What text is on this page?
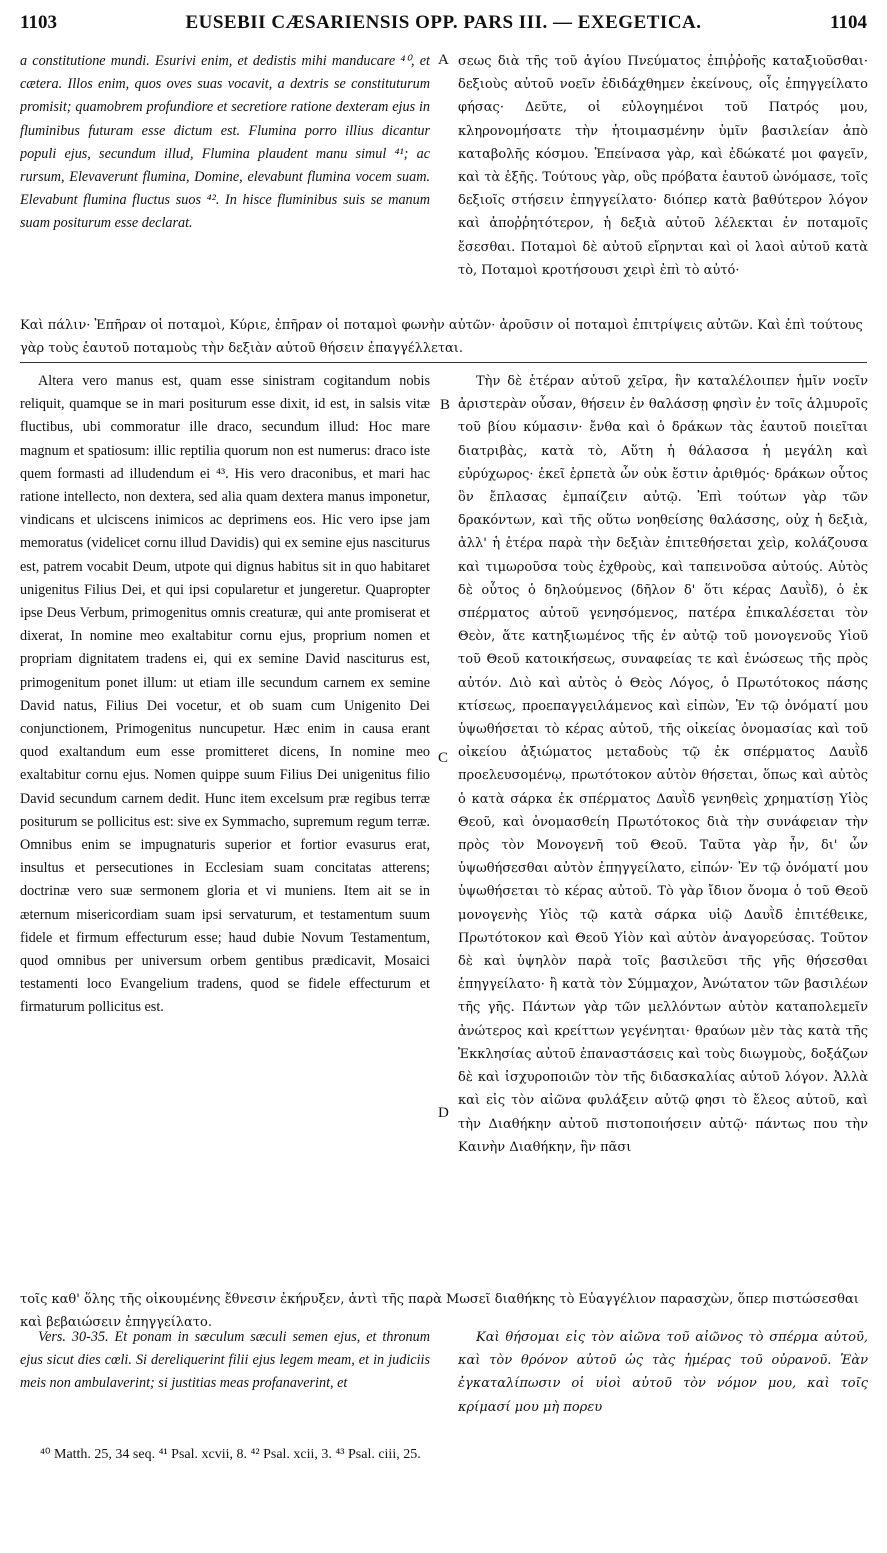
1103	EUSEBII CÆSARIENSIS OPP. PARS III. — EXEGETICA.	1104
A
B
C
D

a constitutione mundi. Esurivi enim, et dedistis mihi manducare ⁴⁰, et cætera. Illos enim, quos oves suas vocavit, a dextris se constituturum promisit; quamobrem profundiore et secretiore ratione dexteram ejus in fluminibus futuram esse dictum est. Flumina porro illius dicantur populi ejus, secundum illud, Flumina plaudent manu simul ⁴¹; ac rursum, Elevaverunt flumina, Domine, elevabunt flumina vocem suam. Elevabunt flumina fluctus suos ⁴². In hisce fluminibus suis se manum suam positurum esse declarat.

σεως διὰ τῆς τοῦ ἁγίου Πνεύματος ἐπιῤῥοῆς καταξιοῦσθαι· δεξιοὺς αὐτοῦ νοεῖν ἐδιδάχθημεν ἐκείνους, οἷς ἐπηγγείλατο φήσας· Δεῦτε, οἱ εὐλογημένοι τοῦ Πατρός μου, κληρονομήσατε τὴν ἡτοιμασμένην ὑμῖν βασιλείαν ἀπὸ καταβολῆς κόσμου. Ἐπείνασα γὰρ, καὶ ἐδώκατέ μοι φαγεῖν, καὶ τὰ ἑξῆς. Τούτους γὰρ, οὓς πρόβατα ἑαυτοῦ ὠνόμασε, τοῖς δεξιοῖς στήσειν ἐπηγγείλατο· διόπερ κατὰ βαθύτερον λόγον καὶ ἀποῤῥητότερον, ἡ δεξιὰ αὐτοῦ λέλεκται ἐν ποταμοῖς ἔσεσθαι. Ποταμοὶ δὲ αὐτοῦ εἴρηνται καὶ οἱ λαοὶ αὐτοῦ κατὰ τὸ, Ποταμοὶ κροτήσουσι χειρὶ ἐπὶ τὸ αὐτό·

Καὶ πάλιν· Ἐπῆραν οἱ ποταμοὶ, Κύριε, ἐπῆραν οἱ ποταμοὶ φωνὴν αὐτῶν· ἀροῦσιν οἱ ποταμοὶ ἐπιτρίψεις αὐτῶν. Καὶ ἐπὶ τούτους γὰρ τοὺς ἑαυτοῦ ποταμοὺς τὴν δεξιὰν αὐτοῦ θήσειν ἐπαγγέλλεται.

Altera vero manus est, quam esse sinistram cogitandum nobis reliquit, quamque se in mari positurum esse dixit, id est, in salsis vitæ fluctibus, ubi commoratur ille draco, secundum illud: Hoc mare magnum et spatiosum: illic reptilia quorum non est numerus: draco iste quem formasti ad illudendum ei ⁴³. His vero draconibus, et mari hac ratione intellecto, non dextera, sed alia quam dextera manus imponetur, vindicans et ulciscens inimicos ac deprimens eos. Hic vero ipse jam memoratus (videlicet cornu illud Davidis) qui ex semine ejus nasciturus est, patrem vocabit Deum, utpote qui dignus habitus sit in quo habitaret unigenitus Filius Dei, et qui ipsi copularetur et jungeretur. Quapropter ipse Deus Verbum, primogenitus omnis creaturæ, qui ante promiserat et dixerat, In nomine meo exaltabitur cornu ejus, proprium nomen et propriam dignitatem tradens ei, qui ex semine David nasciturus est, primogenitum ponet illum: ut etiam ille secundum carnem ex semine David natus, Filius Dei vocetur, et ob suam cum Unigenito Dei conjunctionem, Primogenitus nuncupetur. Hæc enim in causa erant quod exaltandum eum esse promitteret dicens, In nomine meo exaltabitur cornu ejus. Nomen quippe suum Filius Dei unigenitus filio David secundum carnem dedit. Hunc item excelsum præ regibus terræ positurum se pollicitus est: sive ex Symmacho, supremum regum terræ. Omnibus enim se impugnaturis superior et fortior evasurus erat, insultus et persecutiones in Ecclesiam suam concitatas atterens; doctrinæ vero suæ sermonem gloria et vi muniens. Item ait se in æternum misericordiam suam ipsi servaturum, et testamentum suum fidele et firmum effecturum esse; haud dubie Novum Testamentum, quod omnibus per universum orbem gentibus prædicavit, Mosaici testamenti loco Evangelium tradens, quod se fidele effecturum et firmaturum pollicitus est.

Τὴν δὲ ἑτέραν αὐτοῦ χεῖρα, ἣν καταλέλοιπεν ἡμῖν νοεῖν ἀριστερὰν οὖσαν, θήσειν ἐν θαλάσσῃ φησὶν ἐν τοῖς ἁλμυροῖς τοῦ βίου κύμασιν· ἔνθα καὶ ὁ δράκων τὰς ἑαυτοῦ ποιεῖται διατριβὰς, κατὰ τὸ, Αὕτη ἡ θάλασσα ἡ μεγάλη καὶ εὐρύχωρος· ἐκεῖ ἑρπετὰ ὧν οὐκ ἔστιν ἀριθμός· δράκων οὗτος ὃν ἔπλασας ἐμπαίζειν αὐτῷ. Ἐπὶ τούτων γὰρ τῶν δρακόντων, καὶ τῆς οὕτω νοηθείσης θαλάσσης, οὐχ ἡ δεξιὰ, ἀλλ' ἡ ἑτέρα παρὰ τὴν δεξιὰν ἐπιτεθήσεται χεὶρ, κολάζουσα καὶ τιμωροῦσα τοὺς ἐχθροὺς, καὶ ταπεινοῦσα αὐτούς. Αὐτὸς δὲ οὗτος ὁ δηλούμενος (δῆλον δ' ὅτι κέρας Δαυῒδ), ὁ ἐκ σπέρματος αὐτοῦ γενησόμενος, πατέρα ἐπικαλέσεται τὸν Θεὸν, ἅτε κατηξιωμένος τῆς ἐν αὐτῷ τοῦ μονογενοῦς Υἱοῦ τοῦ Θεοῦ κατοικήσεως, συναφείας τε καὶ ἑνώσεως τῆς πρὸς αὐτόν. Διὸ καὶ αὐτὸς ὁ Θεὸς Λόγος, ὁ Πρωτότοκος πάσης κτίσεως, προεπαγγειλάμενος καὶ εἰπὼν, Ἐν τῷ ὀνόματί μου ὑψωθήσεται τὸ κέρας αὐτοῦ, τῆς οἰκείας ὀνομασίας καὶ τοῦ οἰκείου ἀξιώματος μεταδοὺς τῷ ἐκ σπέρματος Δαυῒδ προελευσομένῳ, πρωτότοκον αὐτὸν θήσεται, ὅπως καὶ αὐτὸς ὁ κατὰ σάρκα ἐκ σπέρματος Δαυῒδ γενηθεὶς χρηματίσῃ Υἱὸς Θεοῦ, καὶ ὀνομασθείη Πρωτότοκος διὰ τὴν συνάφειαν τὴν πρὸς τὸν Μονογενῆ τοῦ Θεοῦ. Ταῦτα γὰρ ἦν, δι' ὧν ὑψωθήσεσθαι αὐτὸν ἐπηγγείλατο, εἰπών· Ἐν τῷ ὀνόματί μου ὑψωθήσεται τὸ κέρας αὐτοῦ. Τὸ γὰρ ἴδιον ὄνομα ὁ τοῦ Θεοῦ μονογενὴς Υἱὸς τῷ κατὰ σάρκα υἱῷ Δαυῒδ ἐπιτέθεικε, Πρωτότοκον καὶ Θεοῦ Υἱὸν καὶ αὐτὸν ἀναγορεύσας. Τοῦτον δὲ καὶ ὑψηλὸν παρὰ τοῖς βασιλεῦσι τῆς γῆς θήσεσθαι ἐπηγγείλατο· ἢ κατὰ τὸν Σύμμαχον, Ἀνώτατον τῶν βασιλέων τῆς γῆς. Πάντων γὰρ τῶν μελλόντων αὐτὸν καταπολεμεῖν ἀνώτερος καὶ κρείττων γεγένηται· θραύων μὲν τὰς κατὰ τῆς Ἐκκλησίας αὐτοῦ ἐπαναστάσεις καὶ τοὺς διωγμοὺς, δοξάζων δὲ καὶ ἰσχυροποιῶν τὸν τῆς διδασκαλίας αὐτοῦ λόγον. Ἀλλὰ καὶ εἰς τὸν αἰῶνα φυλάξειν αὐτῷ φησι τὸ ἔλεος αὐτοῦ, καὶ τὴν Διαθήκην αὐτοῦ πιστοποιήσειν αὐτῷ· πάντως που τὴν Καινὴν Διαθήκην, ἣν πᾶσι

τοῖς καθ' ὅλης τῆς οἰκουμένης ἔθνεσιν ἐκήρυξεν, ἀντὶ τῆς παρὰ Μωσεῖ διαθήκης τὸ Εὐαγγέλιον παρασχὼν, ὅπερ πιστώσεσθαι καὶ βεβαιώσειν ἐπηγγείλατο.

Vers. 30-35. Et ponam in sæculum sæculi semen ejus, et thronum ejus sicut dies cœli. Si dereliquerint filii ejus legem meam, et in judiciis meis non ambulaverint; si justitias meas profanaverint, et

Καὶ θήσομαι εἰς τὸν αἰῶνα τοῦ αἰῶνος τὸ σπέρμα αὐτοῦ, καὶ τὸν θρόνον αὐτοῦ ὡς τὰς ἡμέρας τοῦ οὐρανοῦ. Ἐὰν ἐγκαταλίπωσιν οἱ υἱοὶ αὐτοῦ τὸν νόμον μου, καὶ τοῖς κρίμασί μου μὴ πορευ

⁴⁰ Matth. 25, 34 seq. ⁴¹ Psal. xcvii, 8. ⁴² Psal. xcii, 3. ⁴³ Psal. ciii, 25.
